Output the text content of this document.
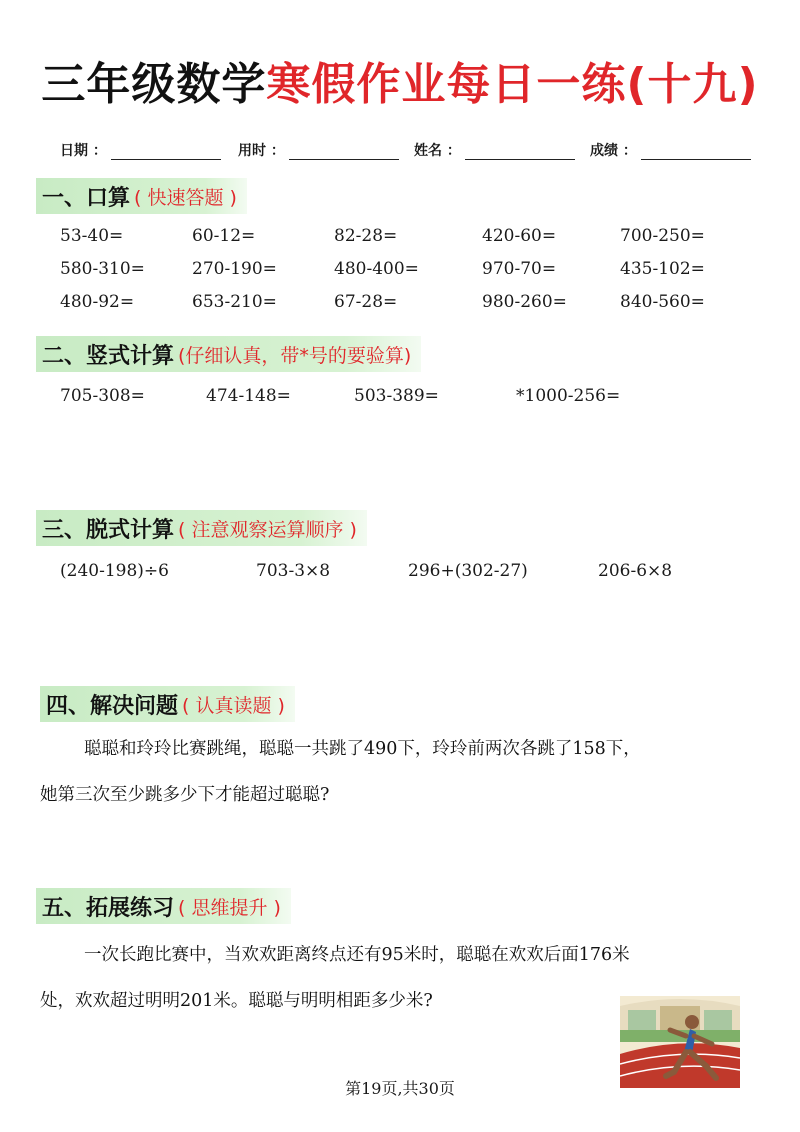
三年级数学寒假作业每日一练(十九)
日期 ：	用时 ：	姓名 ：	成绩 ：
一、口算 ( 快速答题 )
53-40=	60-12=	82-28=	420-60=	700-250=
580-310=	270-190=	480-400=	970-70=	435-102=
480-92=	653-210=	67-28=	980-260=	840-560=
二、竖式计算 (仔细认真，带*号的要验算)
705-308=	474-148=	503-389=	*1000-256=
三、脱式计算 ( 注意观察运算顺序 )
(240-198)÷6	703-3×8	296+(302-27)	206-6×8
四、解决问题 ( 认真读题 )
聪聪和玲玲比赛跳绳，聪聪一共跳了490下，玲玲前两次各跳了158下，
她第三次至少跳多少下才能超过聪聪?
五、拓展练习 ( 思维提升 )
一次长跑比赛中，当欢欢距离终点还有95米时，聪聪在欢欢后面176米
处，欢欢超过明明201米。聪聪与明明相距多少米?
第19页,共30页
